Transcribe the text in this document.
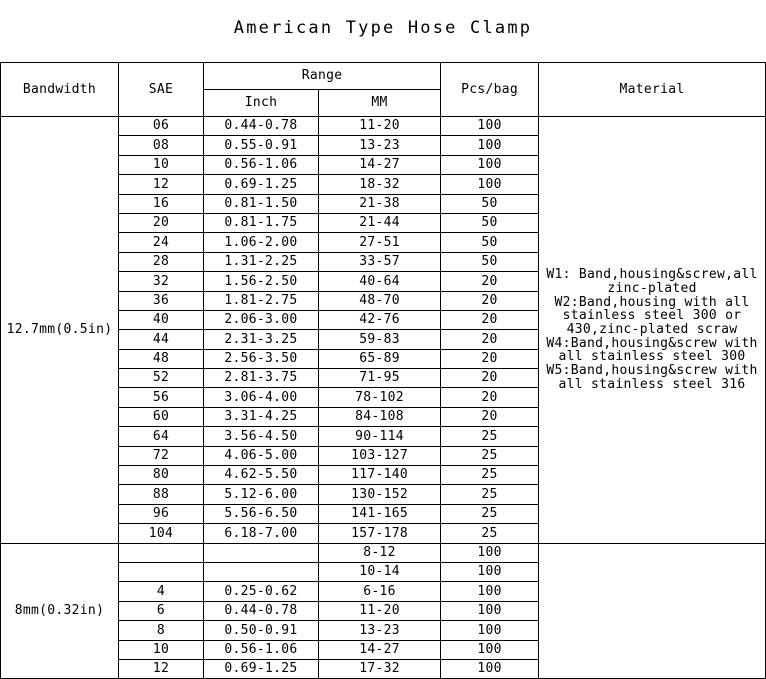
American Type Hose Clamp
Bandwidth	SAE	Range		Pcs/bag	Material
		Inch	MM		
12.7mm(0.5in)	06	0.44-0.78	11-20	100	
W1: Band,housing&screw,all
zinc-plated
W2:Band,housing with all
stainless steel 300 or
430,zinc-plated scraw
W4:Band,housing&screw with
all stainless steel 300
W5:Band,housing&screw with
all stainless steel 316

	08	0.55-0.91	13-23	100	
	10	0.56-1.06	14-27	100	
	12	0.69-1.25	18-32	100	
	16	0.81-1.50	21-38	50	
	20	0.81-1.75	21-44	50	
	24	1.06-2.00	27-51	50	
	28	1.31-2.25	33-57	50	
	32	1.56-2.50	40-64	20	
	36	1.81-2.75	48-70	20	
	40	2.06-3.00	42-76	20	
	44	2.31-3.25	59-83	20	
	48	2.56-3.50	65-89	20	
	52	2.81-3.75	71-95	20	
	56	3.06-4.00	78-102	20	
	60	3.31-4.25	84-108	20	
	64	3.56-4.50	90-114	25	
	72	4.06-5.00	103-127	25	
	80	4.62-5.50	117-140	25	
	88	5.12-6.00	130-152	25	
	96	5.56-6.50	141-165	25	
	104	6.18-7.00	157-178	25	
8mm(0.32in)			8-12	100	
			10-14	100	
	4	0.25-0.62	6-16	100	
	6	0.44-0.78	11-20	100	
	8	0.50-0.91	13-23	100	
	10	0.56-1.06	14-27	100	
	12	0.69-1.25	17-32	100	
